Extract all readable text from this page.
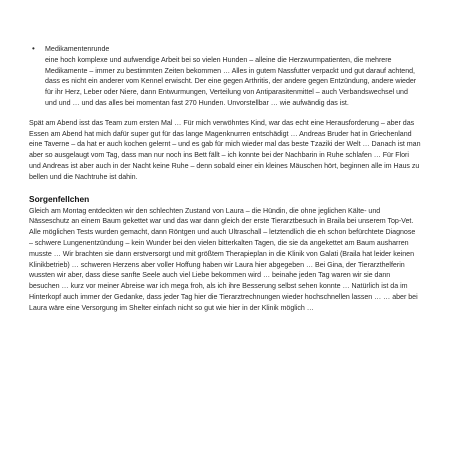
• Medikamentenrunde

eine hoch komplexe und aufwendige Arbeit bei so vielen Hunden – alleine die Herzwurmpatienten, die mehrere Medikamente – immer zu bestimmten Zeiten bekommen … Alles in gutem Nassfutter verpackt und gut darauf achtend, dass es nicht ein anderer vom Kennel erwischt. Der eine gegen Arthritis, der andere gegen Entzündung, andere wieder für ihr Herz, Leber oder Niere, dann Entwurmungen, Verteilung von Antiparasitenmittel – auch Verbandswechsel und und und … und das alles bei momentan fast 270 Hunden. Unvorstellbar … wie aufwändig das ist.

Spät am Abend isst das Team zum ersten Mal … Für mich verwöhntes Kind, war das echt eine Herausforderung – aber das Essen am Abend hat mich dafür super gut für das lange Magenknurren entschädigt … Andreas Bruder hat in Griechenland eine Taverne – da hat er auch kochen gelernt – und es gab für mich wieder mal das beste Tzaziki der Welt … Danach ist man aber so ausgelaugt vom Tag, dass man nur noch ins Bett fällt – ich konnte bei der Nachbarin in Ruhe schlafen … Für Flori und Andreas ist aber auch in der Nacht keine Ruhe – denn sobald einer ein kleines Mäuschen hört, beginnen alle im Haus zu bellen und die Nachtruhe ist dahin.

Sorgenfellchen

Gleich am Montag entdeckten wir den schlechten Zustand von Laura – die Hündin, die ohne jeglichen Kälte- und Nässeschutz an einem Baum gekettet war und das war dann gleich der erste Tierarztbesuch in Braila bei unserem Top-Vet. Alle möglichen Tests wurden gemacht, dann Röntgen und auch Ultraschall – letztendlich die eh schon befürchtete Diagnose – schwere Lungenentzündung – kein Wunder bei den vielen bitterkalten Tagen, die sie da angekettet am Baum ausharren musste … Wir brachten sie dann erstversorgt und mit größtem Therapieplan in die Klinik von Galati (Braila hat leider keinen Klinikbetrieb) … schweren Herzens aber voller Hoffung haben wir Laura hier abgegeben … Bei Gina, der Tierarzthelferin wussten wir aber, dass diese sanfte Seele auch viel Liebe bekommen wird … beinahe jeden Tag waren wir sie dann besuchen … kurz vor meiner Abreise war ich mega froh, als ich ihre Besserung selbst sehen konnte … Natürlich ist da im Hinterkopf auch immer der Gedanke, dass jeder Tag hier die Tierarztrechnungen wieder hochschnellen lassen … … aber bei Laura wäre eine Versorgung im Shelter einfach nicht so gut wie hier in der Klinik möglich …
